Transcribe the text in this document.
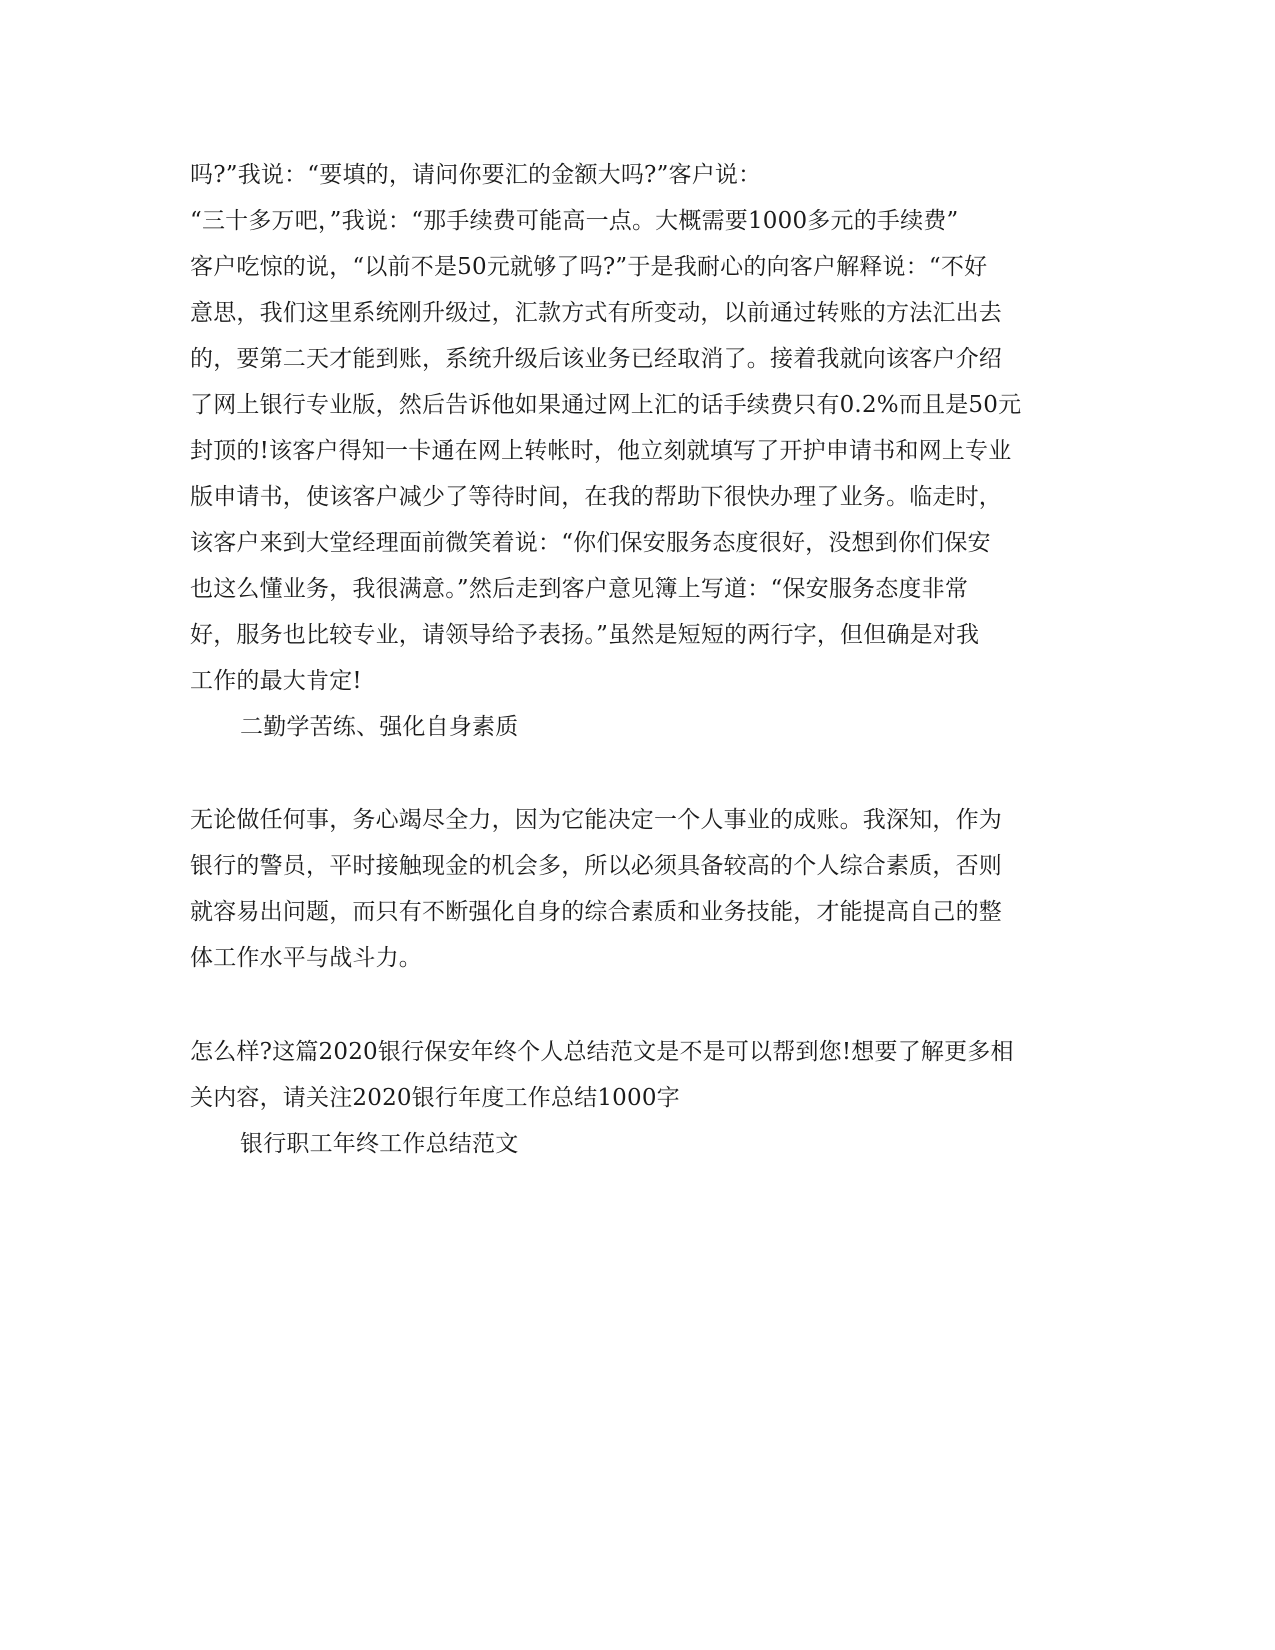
吗?”我说：“要填的，请问你要汇的金额大吗?”客户说：
“三十多万吧，”我说：“那手续费可能高一点。大概需要1000多元的手续费”
客户吃惊的说，“以前不是50元就够了吗?”于是我耐心的向客户解释说：“不好
意思，我们这里系统刚升级过，汇款方式有所变动，以前通过转账的方法汇出去
的，要第二天才能到账，系统升级后该业务已经取消了。接着我就向该客户介绍
了网上银行专业版，然后告诉他如果通过网上汇的话手续费只有0.2%而且是50元
封顶的!该客户得知一卡通在网上转帐时，他立刻就填写了开护申请书和网上专业
版申请书，使该客户减少了等待时间，在我的帮助下很快办理了业务。临走时，
该客户来到大堂经理面前微笑着说：“你们保安服务态度很好，没想到你们保安
也这么懂业务，我很满意。”然后走到客户意见簿上写道：“保安服务态度非常
好，服务也比较专业，请领导给予表扬。”虽然是短短的两行字，但但确是对我
工作的最大肯定!
二勤学苦练、强化自身素质
无论做任何事，务心竭尽全力，因为它能决定一个人事业的成账。我深知，作为
银行的警员，平时接触现金的机会多，所以必须具备较高的个人综合素质，否则
就容易出问题，而只有不断强化自身的综合素质和业务技能，才能提高自己的整
体工作水平与战斗力。
怎么样?这篇2020银行保安年终个人总结范文是不是可以帮到您!想要了解更多相
关内容，请关注2020银行年度工作总结1000字
银行职工年终工作总结范文
